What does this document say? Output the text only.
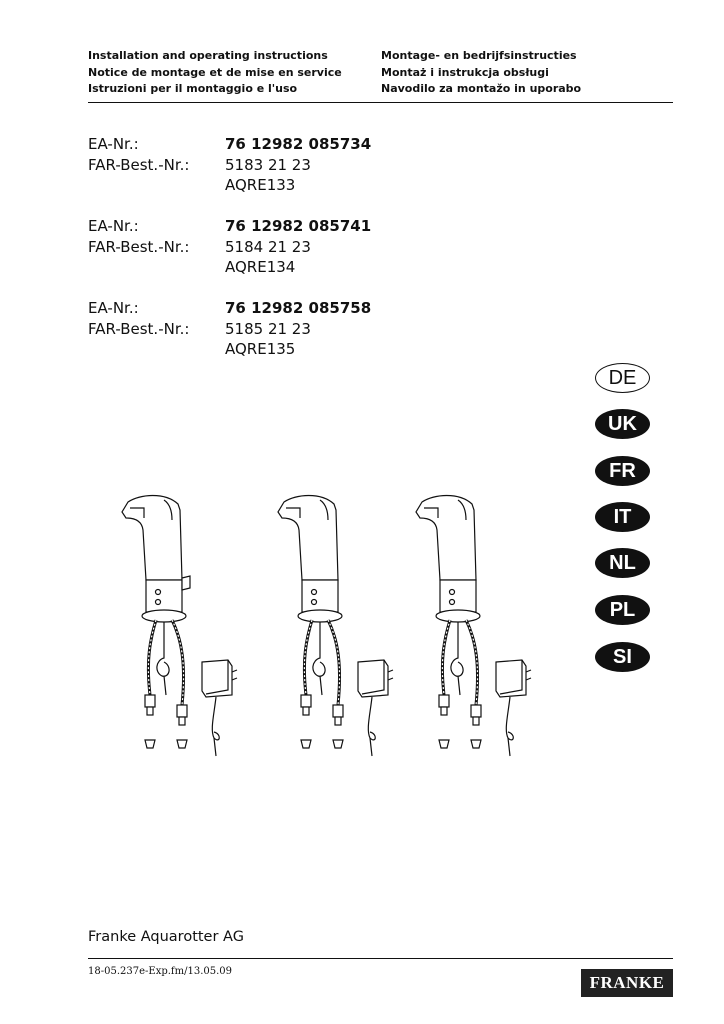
Installation and operating instructions
Notice de montage et de mise en service
Istruzioni per il montaggio e l'uso
Montage- en bedrijfsinstructies
Montaż i instrukcja obsługi
Navodilo za montažo in uporabo
EA-Nr.:	76 12982 085734
FAR-Best.-Nr.: 5183 21 23
AQRE133
EA-Nr.:	76 12982 085741
FAR-Best.-Nr.: 5184 21 23
AQRE134
EA-Nr.:	76 12982 085758
FAR-Best.-Nr.: 5185 21 23
AQRE135
DE
UK
FR
IT
NL
PL
SI
Franke Aquarotter AG
18-05.237e-Exp.fm/13.05.09
FRANKE
